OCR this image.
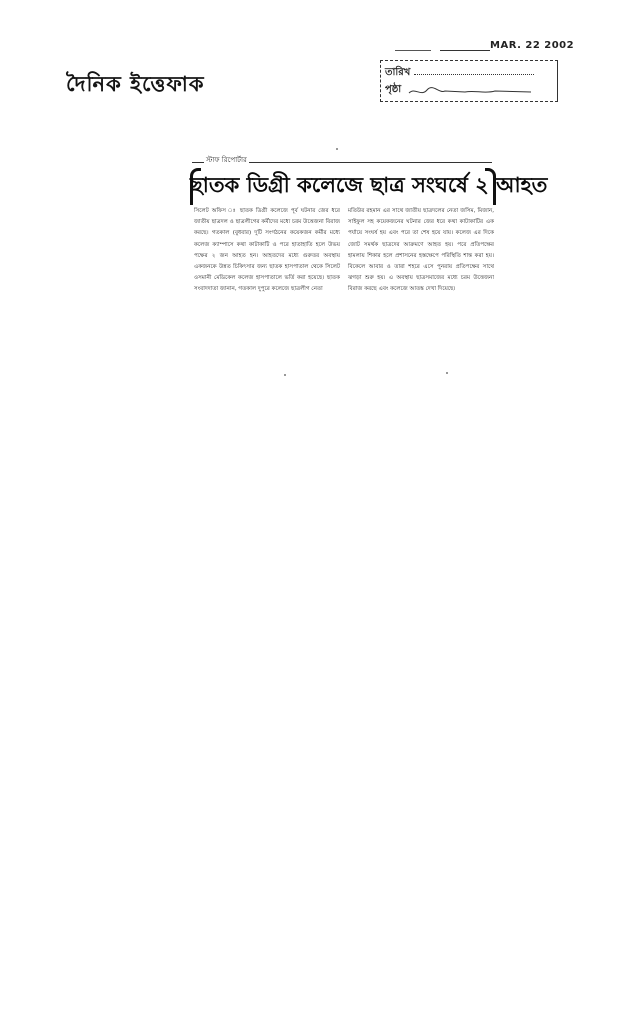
দৈনিক ইত্তেফাক
MAR. 22 2002
তারিখ
পৃষ্ঠা
স্টাফ রিপোর্টার
ছাতক ডিগ্রী কলেজে ছাত্র সংঘর্ষে ২ আহত

সিলেট অফিস ঃ ছাতক ডিগ্রী কলেজে পূর্ব ঘটনার জের ধরে জাতীয় ছাত্রদল ও ছাত্রলীগের কর্মীদের মধ্যে চরম উত্তেজনা বিরাজ করছে। গতকাল (বুধবার) দুটি সংগঠনের কয়েকজন কর্মীর মধ্যে কলেজ ক্যাম্পাসে কথা কাটাকাটি ও পরে হাতাহাতি হলে উভয় পক্ষের ২ জন আহত হন। আহতদের মধ্যে গুরুতর অবস্থায় একজনকে উন্নত চিকিৎসার জন্য ছাতক হাসপাতাল থেকে সিলেট ওসমানী মেডিকেল কলেজ হাসপাতালে ভর্তি করা হয়েছে। ছাতক সংবাদদাতা জানান, গতকাল দুপুরে কলেজে ছাত্রলীগ নেতা

মতিউর রহমান এর সাথে জাতীয় ছাত্রদলের নেতা জসিম, মিজান, সাইফুল সহ কয়েকজনের ঘটনার জের ধরে কথা কাটাকাটির এক পর্যায়ে সংঘর্ষ হয় এবং পরে তা শেষ হয়ে যায়। কলেজ এর দিকে জোট সমর্থক ছাত্রদের আক্রমণে আহত হয়। পরে প্রতিপক্ষের হামলায় শিকার হলে প্রশাসনের হস্তক্ষেপে পরিস্থিতি শান্ত করা হয়। বিকেলে আবার ও তারা শহরে এসে পুনরায় প্রতিপক্ষের সাথে ঝগড়া শুরু হয়। এ অবস্থায় ছাত্রসমাজের মধ্যে চরম উত্তেজনা বিরাজ করছে এবং কলেজে আতঙ্ক দেখা দিয়েছে।
